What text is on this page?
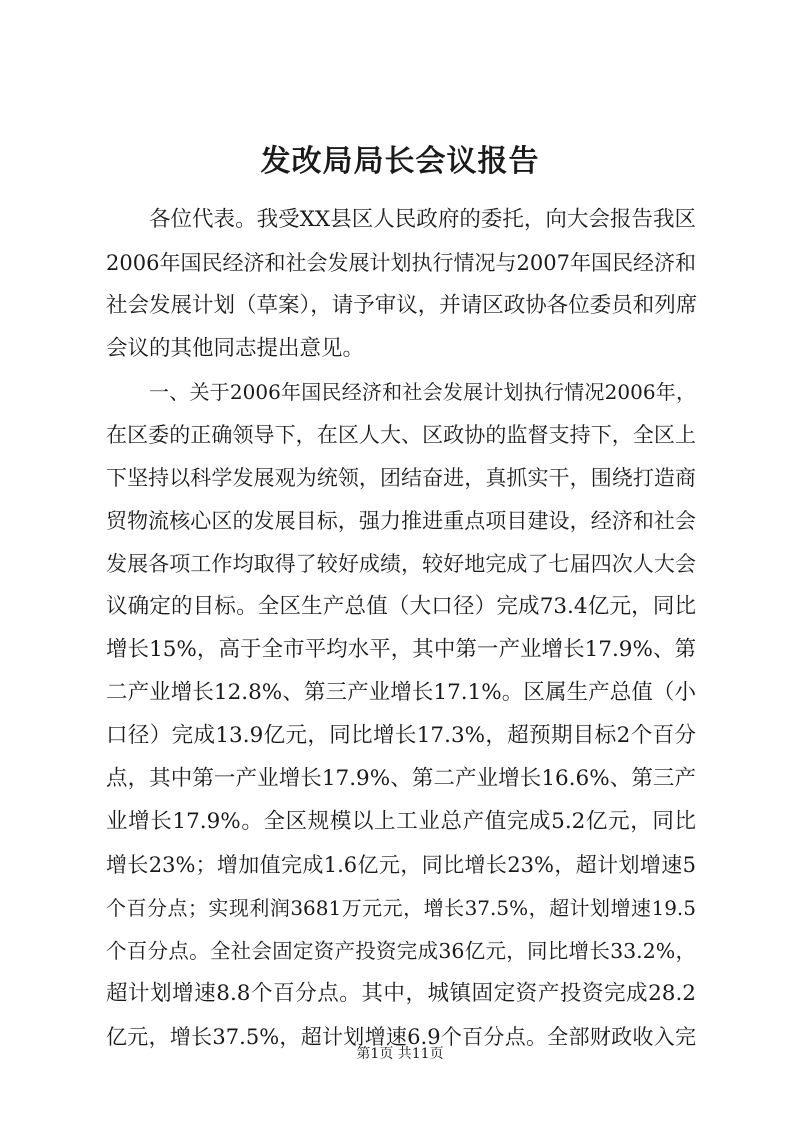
发改局局长会议报告

各位代表。我受XX县区人民政府的委托，向大会报告我区

2006年国民经济和社会发展计划执行情况与2007年国民经济和

社会发展计划（草案），请予审议，并请区政协各位委员和列席

会议的其他同志提出意见。

一、关于2006年国民经济和社会发展计划执行情况2006年，

在区委的正确领导下，在区人大、区政协的监督支持下，全区上

下坚持以科学发展观为统领，团结奋进，真抓实干，围绕打造商

贸物流核心区的发展目标，强力推进重点项目建设，经济和社会

发展各项工作均取得了较好成绩，较好地完成了七届四次人大会

议确定的目标。全区生产总值（大口径）完成73.4亿元，同比

增长15%，高于全市平均水平，其中第一产业增长17.9%、第

二产业增长12.8%、第三产业增长17.1%。区属生产总值（小

口径）完成13.9亿元，同比增长17.3%，超预期目标2个百分

点，其中第一产业增长17.9%、第二产业增长16.6%、第三产

业增长17.9%。全区规模以上工业总产值完成5.2亿元，同比

增长23%；增加值完成1.6亿元，同比增长23%，超计划增速5

个百分点；实现利润3681万元元，增长37.5%，超计划增速19.5

个百分点。全社会固定资产投资完成36亿元，同比增长33.2%，

超计划增速8.8个百分点。其中，城镇固定资产投资完成28.2

亿元，增长37.5%，超计划增速6.9个百分点。全部财政收入完

第1页 共11页
